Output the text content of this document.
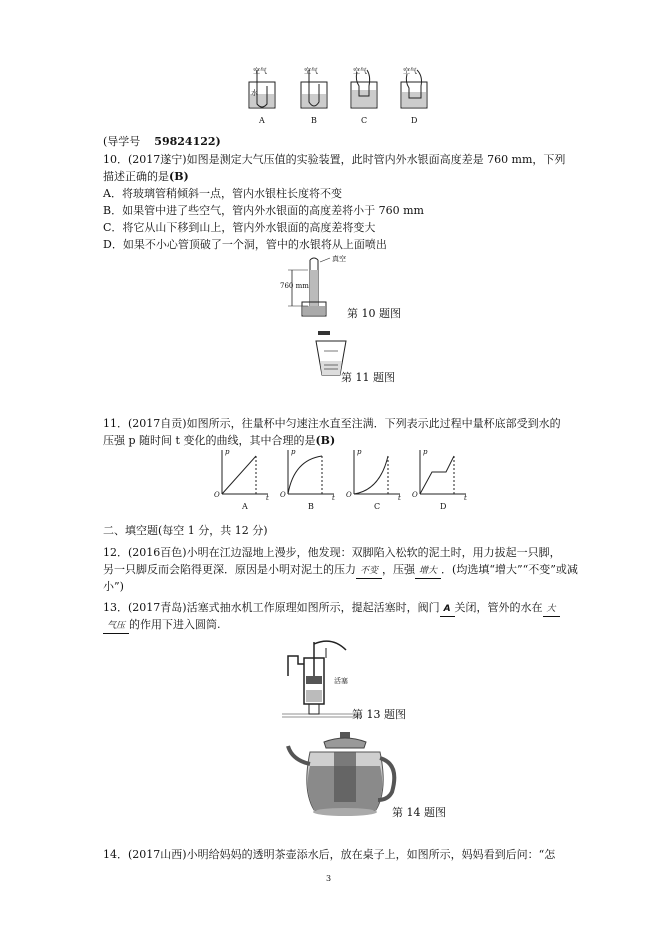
空气	空气	空气	空气
水
A	B	C	D
(导学号 59824122)
10．(2017遂宁)如图是测定大气压值的实验装置，此时管内外水银面高度差是 760 mm，下列
描述正确的是(B)
A．将玻璃管稍倾斜一点，管内水银柱长度将不变
B．如果管中进了些空气，管内外水银面的高度差将小于 760 mm
C．将它从山下移到山上，管内外水银面的高度差将变大
D．如果不小心管顶破了一个洞，管中的水银将从上面喷出
真空
760 mm
第 10 题图
第 11 题图
11．(2017自贡)如图所示，往量杯中匀速注水直至注满．下列表示此过程中量杯底部受到水的
压强 p 随时间 t 变化的曲线，其中合理的是(B)
p	p	p	p
t	t	t	t
O	O	O	O
A	B	C	D
二、填空题(每空 1 分，共 12 分)
12．(2016百色)小明在江边湿地上漫步，他发现：双脚陷入松软的泥土时，用力拔起一只脚，
另一只脚反而会陷得更深．原因是小明对泥土的压力 不变 ，压强 增大 ．(均选填“增大”“不变”或减
小”)
13．(2017青岛)活塞式抽水机工作原理如图所示，提起活塞时，阀门 A 关闭，管外的水在 大
气压 的作用下进入圆筒.
活塞
第 13 题图
第 14 题图
14．(2017山西)小明给妈妈的透明茶壶添水后，放在桌子上，如图所示，妈妈看到后问：“怎
3
